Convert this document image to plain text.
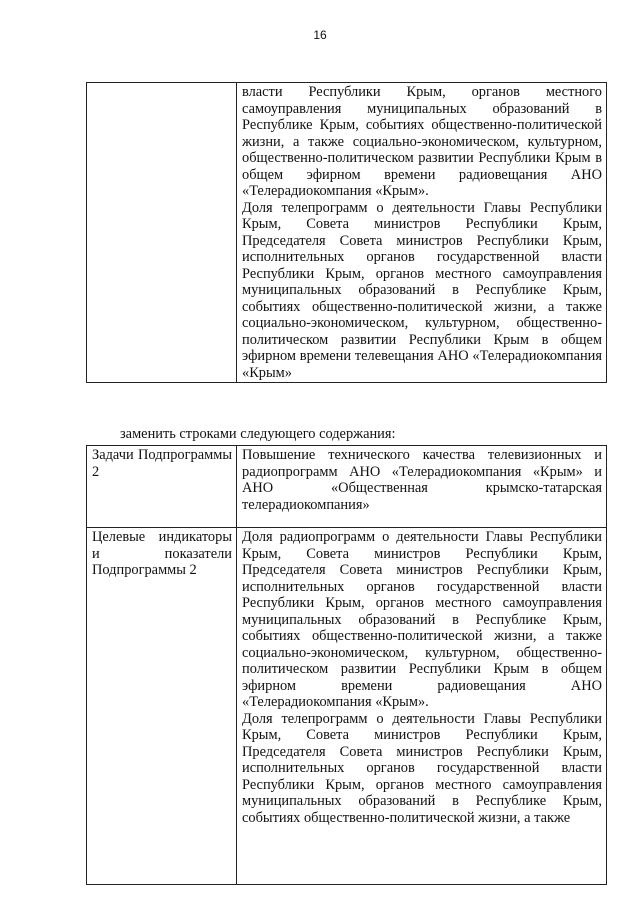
16

власти Республики Крым, органов местного самоуправления муниципальных образований в Республике Крым, событиях общественно-политической жизни, а также социально-экономическом, культурном, общественно-политическом развитии Республики Крым в общем эфирном времени радиовещания АНО «Телерадиокомпания «Крым».
Доля телепрограмм о деятельности Главы Республики Крым, Совета министров Республики Крым, Председателя Совета министров Республики Крым, исполнительных органов государственной власти Республики Крым, органов местного самоуправления муниципальных образований в Республике Крым, событиях общественно-политической жизни, а также социально-экономическом, культурном, общественно-политическом развитии Республики Крым в общем эфирном времени телевещания АНО «Телерадиокомпания «Крым»
заменить строками следующего содержания:
Задачи Подпрограммы 2	Повышение технического качества телевизионных и радиопрограмм АНО «Телерадиокомпания «Крым» и АНО «Общественная крымско-татарская телерадиокомпания»

Целевые индикаторы и показатели Подпрограммы 2	Доля радиопрограмм о деятельности Главы Республики Крым, Совета министров Республики Крым, Председателя Совета министров Республики Крым, исполнительных органов государственной власти Республики Крым, органов местного самоуправления муниципальных образований в Республике Крым, событиях общественно-политической жизни, а также социально-экономическом, культурном, общественно-политическом развитии Республики Крым в общем эфирном времени радиовещания АНО «Телерадиокомпания «Крым».
Доля телепрограмм о деятельности Главы Республики Крым, Совета министров Республики Крым, Председателя Совета министров Республики Крым, исполнительных органов государственной власти Республики Крым, органов местного самоуправления муниципальных образований в Республике Крым, событиях общественно-политической жизни, а также
